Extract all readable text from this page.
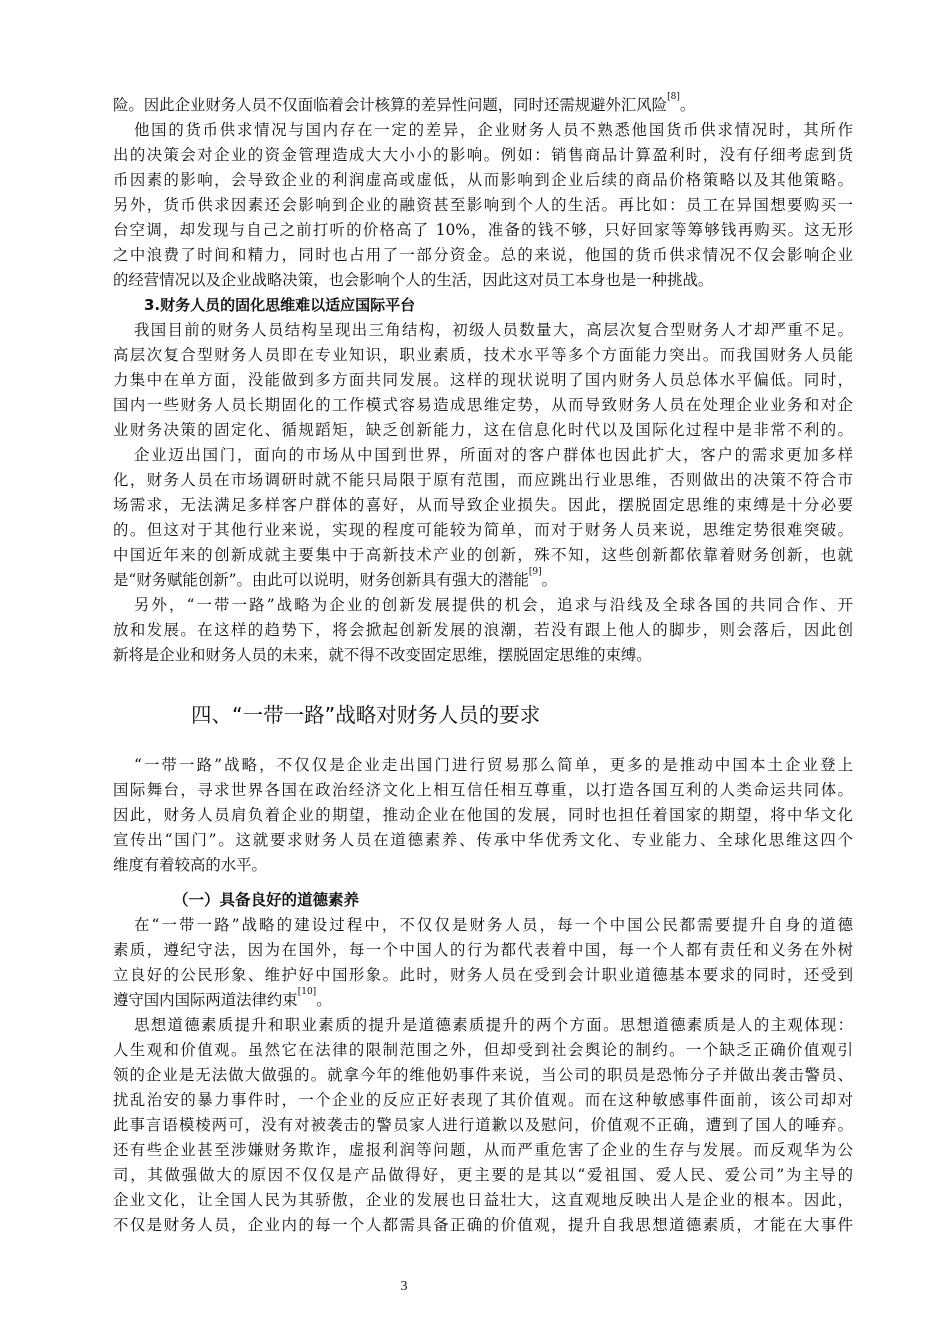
险。因此企业财务人员不仅面临着会计核算的差异性问题，同时还需规避外汇风险[8]。
他国的货币供求情况与国内存在一定的差异，企业财务人员不熟悉他国货币供求情况时，其所作
出的决策会对企业的资金管理造成大大小小的影响。例如：销售商品计算盈利时，没有仔细考虑到货
币因素的影响，会导致企业的利润虚高或虚低，从而影响到企业后续的商品价格策略以及其他策略。
另外，货币供求因素还会影响到企业的融资甚至影响到个人的生活。再比如：员工在异国想要购买一
台空调，却发现与自己之前打听的价格高了 10%，准备的钱不够，只好回家等筹够钱再购买。这无形
之中浪费了时间和精力，同时也占用了一部分资金。总的来说，他国的货币供求情况不仅会影响企业
的经营情况以及企业战略决策，也会影响个人的生活，因此这对员工本身也是一种挑战。
3.财务人员的固化思维难以适应国际平台
我国目前的财务人员结构呈现出三角结构，初级人员数量大，高层次复合型财务人才却严重不足。
高层次复合型财务人员即在专业知识，职业素质，技术水平等多个方面能力突出。而我国财务人员能
力集中在单方面，没能做到多方面共同发展。这样的现状说明了国内财务人员总体水平偏低。同时，
国内一些财务人员长期固化的工作模式容易造成思维定势，从而导致财务人员在处理企业业务和对企
业财务决策的固定化、循规蹈矩，缺乏创新能力，这在信息化时代以及国际化过程中是非常不利的。
企业迈出国门，面向的市场从中国到世界，所面对的客户群体也因此扩大，客户的需求更加多样
化，财务人员在市场调研时就不能只局限于原有范围，而应跳出行业思维，否则做出的决策不符合市
场需求，无法满足多样客户群体的喜好，从而导致企业损失。因此，摆脱固定思维的束缚是十分必要
的。但这对于其他行业来说，实现的程度可能较为简单，而对于财务人员来说，思维定势很难突破。
中国近年来的创新成就主要集中于高新技术产业的创新，殊不知，这些创新都依靠着财务创新，也就
是“财务赋能创新”。由此可以说明，财务创新具有强大的潜能[9]。
另外，“一带一路”战略为企业的创新发展提供的机会，追求与沿线及全球各国的共同合作、开
放和发展。在这样的趋势下，将会掀起创新发展的浪潮，若没有跟上他人的脚步，则会落后，因此创
新将是企业和财务人员的未来，就不得不改变固定思维，摆脱固定思维的束缚。
“一带一路”战略，不仅仅是企业走出国门进行贸易那么简单，更多的是推动中国本土企业登上
国际舞台，寻求世界各国在政治经济文化上相互信任相互尊重，以打造各国互利的人类命运共同体。
因此，财务人员肩负着企业的期望，推动企业在他国的发展，同时也担任着国家的期望，将中华文化
宣传出“国门”。这就要求财务人员在道德素养、传承中华优秀文化、专业能力、全球化思维这四个
维度有着较高的水平。
（一）具备良好的道德素养
在“一带一路”战略的建设过程中，不仅仅是财务人员，每一个中国公民都需要提升自身的道德
素质，遵纪守法，因为在国外，每一个中国人的行为都代表着中国，每一个人都有责任和义务在外树
立良好的公民形象、维护好中国形象。此时，财务人员在受到会计职业道德基本要求的同时，还受到
遵守国内国际两道法律约束[10]。
思想道德素质提升和职业素质的提升是道德素质提升的两个方面。思想道德素质是人的主观体现：
人生观和价值观。虽然它在法律的限制范围之外，但却受到社会舆论的制约。一个缺乏正确价值观引
领的企业是无法做大做强的。就拿今年的维他奶事件来说，当公司的职员是恐怖分子并做出袭击警员、
扰乱治安的暴力事件时，一个企业的反应正好表现了其价值观。而在这种敏感事件面前，该公司却对
此事言语模棱两可，没有对被袭击的警员家人进行道歉以及慰问，价值观不正确，遭到了国人的唾弃。
还有些企业甚至涉嫌财务欺诈，虚报利润等问题，从而严重危害了企业的生存与发展。而反观华为公
司，其做强做大的原因不仅仅是产品做得好，更主要的是其以“爱祖国、爱人民、爱公司”为主导的
企业文化，让全国人民为其骄傲，企业的发展也日益壮大，这直观地反映出人是企业的根本。因此，
不仅是财务人员，企业内的每一个人都需具备正确的价值观，提升自我思想道德素质，才能在大事件
四、“一带一路”战略对财务人员的要求
3
